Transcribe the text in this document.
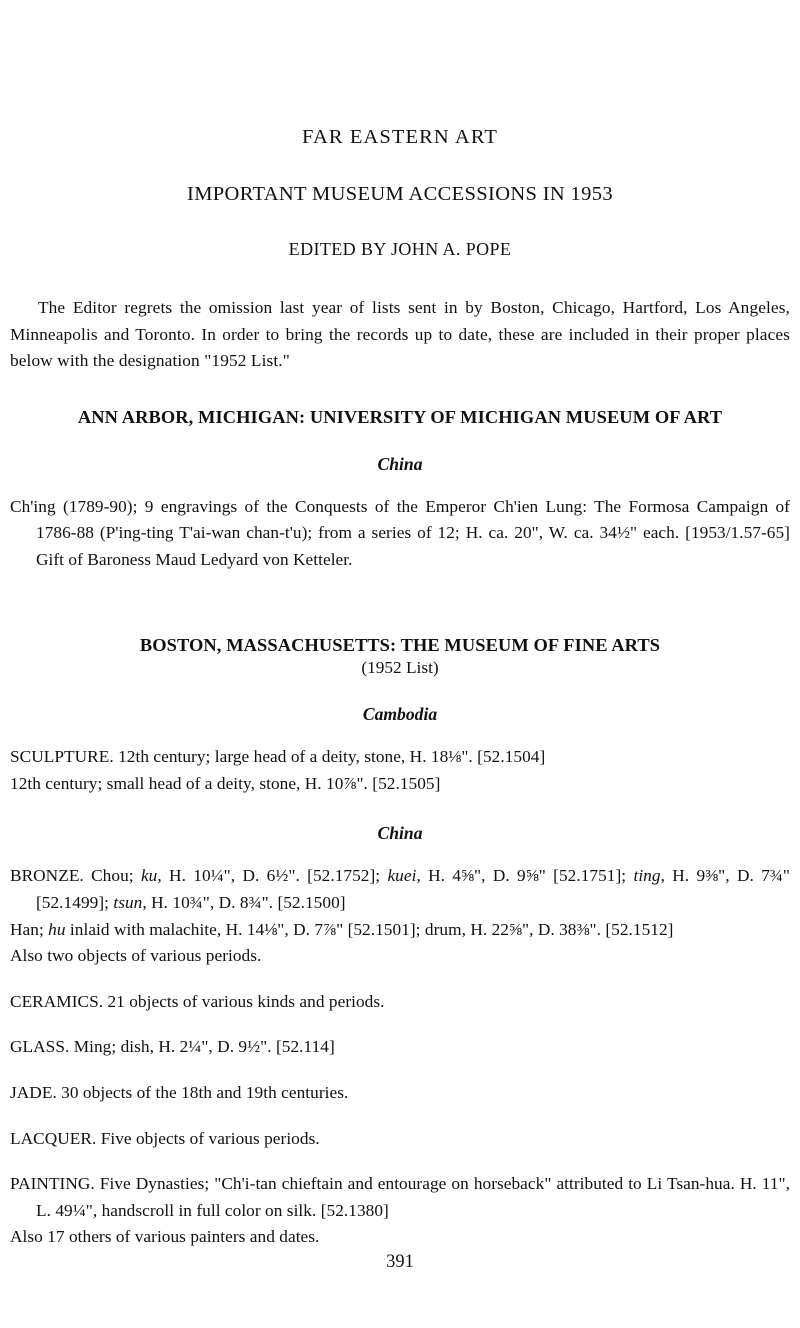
FAR EASTERN ART
IMPORTANT MUSEUM ACCESSIONS IN 1953

EDITED BY JOHN A. POPE

The Editor regrets the omission last year of lists sent in by Boston, Chicago, Hartford, Los Angeles, Minneapolis and Toronto. In order to bring the records up to date, these are included in their proper places below with the designation "1952 List."

ANN ARBOR, MICHIGAN: UNIVERSITY OF MICHIGAN MUSEUM OF ART
China

Ch'ing (1789-90); 9 engravings of the Conquests of the Emperor Ch'ien Lung: The Formosa Campaign of 1786-88 (P'ing-ting T'ai-wan chan-t'u); from a series of 12; H. ca. 20", W. ca. 34½" each. [1953/1.57-65] Gift of Baroness Maud Ledyard von Ketteler.

BOSTON, MASSACHUSETTS: THE MUSEUM OF FINE ARTS

(1952 List)

Cambodia

SCULPTURE. 12th century; large head of a deity, stone, H. 18⅛". [52.1504]

12th century; small head of a deity, stone, H. 10⅞". [52.1505]

China

BRONZE. Chou; ku, H. 10¼", D. 6½". [52.1752]; kuei, H. 4⅝", D. 9⅝" [52.1751]; ting, H. 9⅜", D. 7¾" [52.1499]; tsun, H. 10¾", D. 8¾". [52.1500]

Han; hu inlaid with malachite, H. 14⅛", D. 7⅞" [52.1501]; drum, H. 22⅝", D. 38⅜". [52.1512]

Also two objects of various periods.

CERAMICS. 21 objects of various kinds and periods.

GLASS. Ming; dish, H. 2¼", D. 9½". [52.114]

JADE. 30 objects of the 18th and 19th centuries.

LACQUER. Five objects of various periods.

PAINTING. Five Dynasties; "Ch'i-tan chieftain and entourage on horseback" attributed to Li Tsan-hua. H. 11", L. 49¼", handscroll in full color on silk. [52.1380]

Also 17 others of various painters and dates.

391
